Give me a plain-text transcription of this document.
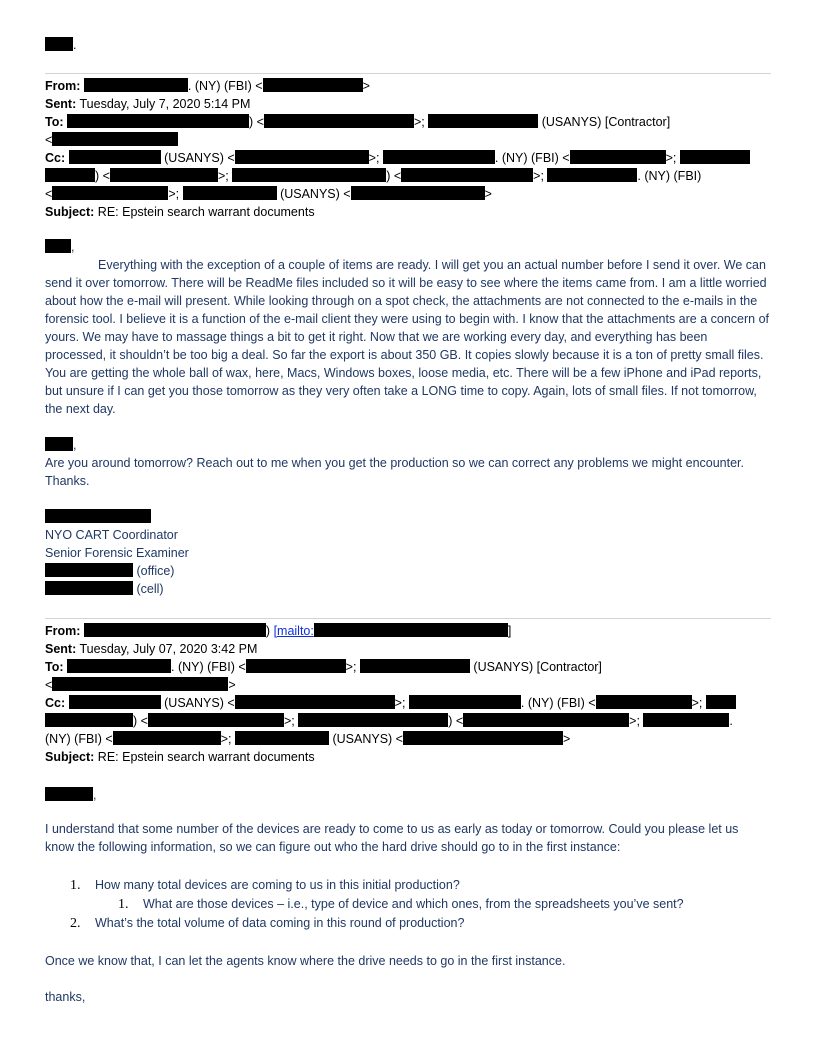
.
From:	. (NY) (FBI) <	>
Sent: Tuesday, July 7, 2020 5:14 PM
To:	) <	>;	(USANYS) [Contractor]
<
Cc:	(USANYS) <	>;	. (NY) (FBI) <	>;
) <	>;	) <	>;	. (NY) (FBI)
<	>;	(USANYS) <	>
Subject: RE: Epstein search warrant documents
,
Everything with the exception of a couple of items are ready. I will get you an actual number before I send it over. We can send it over tomorrow. There will be ReadMe files included so it will be easy to see where the items came from. I am a little worried about how the e-mail will present. While looking through on a spot check, the attachments are not connected to the e-mails in the forensic tool. I believe it is a function of the e-mail client they were using to begin with. I know that the attachments are a concern of yours. We may have to massage things a bit to get it right. Now that we are working every day, and everything has been processed, it shouldn’t be too big a deal. So far the export is about 350 GB. It copies slowly because it is a ton of pretty small files. You are getting the whole ball of wax, here, Macs, Windows boxes, loose media, etc. There will be a few iPhone and iPad reports, but unsure if I can get you those tomorrow as they very often take a LONG time to copy. Again, lots of small files. If not tomorrow, the next day.
,
Are you around tomorrow? Reach out to me when you get the production so we can correct any problems we might encounter. Thanks.
NYO CART Coordinator
Senior Forensic Examiner
(office)
(cell)
From:	) [mailto:	]
Sent: Tuesday, July 07, 2020 3:42 PM
To:	. (NY) (FBI) <	>;	(USANYS) [Contractor]
<	>
Cc:	(USANYS) <	>;	. (NY) (FBI) <	>;
) <	>;	) <	>;	.
(NY) (FBI) <	>;	(USANYS) <	>
Subject: RE: Epstein search warrant documents
,
I understand that some number of the devices are ready to come to us as early as today or tomorrow. Could you please let us know the following information, so we can figure out who the hard drive should go to in the first instance:
1. How many total devices are coming to us in this initial production?
1. What are those devices – i.e., type of device and which ones, from the spreadsheets you’ve sent?
2. What’s the total volume of data coming in this round of production?
Once we know that, I can let the agents know where the drive needs to go in the first instance.
thanks,
